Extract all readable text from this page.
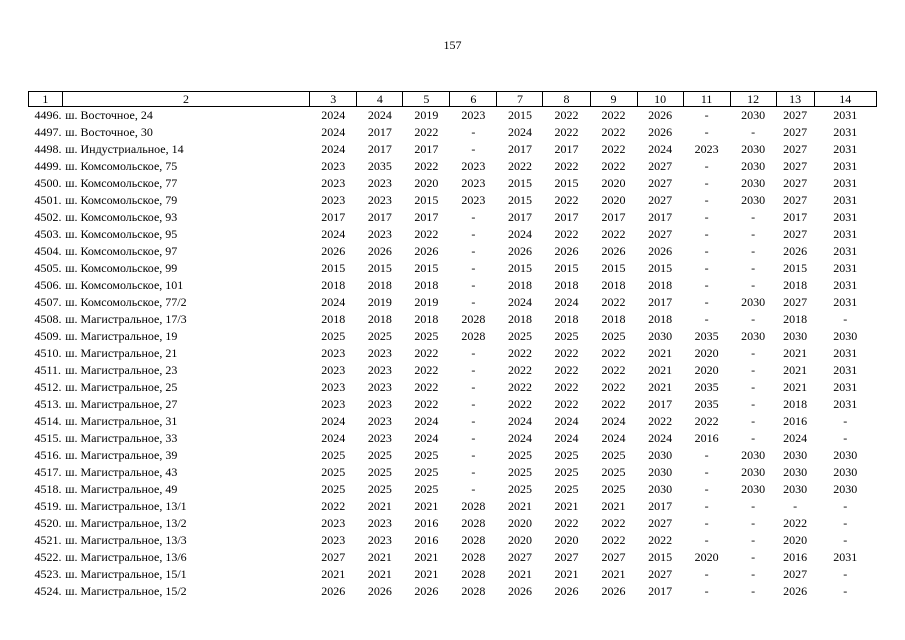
157
1	2	3	4	5	6	7	8	9	10	11	12	13	14
4496.	ш. Восточное, 24	2024	2024	2019	2023	2015	2022	2022	2026	-	2030	2027	2031
4497.	ш. Восточное, 30	2024	2017	2022	-	2024	2022	2022	2026	-	-	2027	2031
4498.	ш. Индустриальное, 14	2024	2017	2017	-	2017	2017	2022	2024	2023	2030	2027	2031
4499.	ш. Комсомольское, 75	2023	2035	2022	2023	2022	2022	2022	2027	-	2030	2027	2031
4500.	ш. Комсомольское, 77	2023	2023	2020	2023	2015	2015	2020	2027	-	2030	2027	2031
4501.	ш. Комсомольское, 79	2023	2023	2015	2023	2015	2022	2020	2027	-	2030	2027	2031
4502.	ш. Комсомольское, 93	2017	2017	2017	-	2017	2017	2017	2017	-	-	2017	2031
4503.	ш. Комсомольское, 95	2024	2023	2022	-	2024	2022	2022	2027	-	-	2027	2031
4504.	ш. Комсомольское, 97	2026	2026	2026	-	2026	2026	2026	2026	-	-	2026	2031
4505.	ш. Комсомольское, 99	2015	2015	2015	-	2015	2015	2015	2015	-	-	2015	2031
4506.	ш. Комсомольское, 101	2018	2018	2018	-	2018	2018	2018	2018	-	-	2018	2031
4507.	ш. Комсомольское, 77/2	2024	2019	2019	-	2024	2024	2022	2017	-	2030	2027	2031
4508.	ш. Магистральное, 17/3	2018	2018	2018	2028	2018	2018	2018	2018	-	-	2018	-
4509.	ш. Магистральное, 19	2025	2025	2025	2028	2025	2025	2025	2030	2035	2030	2030	2030
4510.	ш. Магистральное, 21	2023	2023	2022	-	2022	2022	2022	2021	2020	-	2021	2031
4511.	ш. Магистральное, 23	2023	2023	2022	-	2022	2022	2022	2021	2020	-	2021	2031
4512.	ш. Магистральное, 25	2023	2023	2022	-	2022	2022	2022	2021	2035	-	2021	2031
4513.	ш. Магистральное, 27	2023	2023	2022	-	2022	2022	2022	2017	2035	-	2018	2031
4514.	ш. Магистральное, 31	2024	2023	2024	-	2024	2024	2024	2022	2022	-	2016	-
4515.	ш. Магистральное, 33	2024	2023	2024	-	2024	2024	2024	2024	2016	-	2024	-
4516.	ш. Магистральное, 39	2025	2025	2025	-	2025	2025	2025	2030	-	2030	2030	2030
4517.	ш. Магистральное, 43	2025	2025	2025	-	2025	2025	2025	2030	-	2030	2030	2030
4518.	ш. Магистральное, 49	2025	2025	2025	-	2025	2025	2025	2030	-	2030	2030	2030
4519.	ш. Магистральное, 13/1	2022	2021	2021	2028	2021	2021	2021	2017	-	-	-	-
4520.	ш. Магистральное, 13/2	2023	2023	2016	2028	2020	2022	2022	2027	-	-	2022	-
4521.	ш. Магистральное, 13/3	2023	2023	2016	2028	2020	2020	2022	2022	-	-	2020	-
4522.	ш. Магистральное, 13/6	2027	2021	2021	2028	2027	2027	2027	2015	2020	-	2016	2031
4523.	ш. Магистральное, 15/1	2021	2021	2021	2028	2021	2021	2021	2027	-	-	2027	-
4524.	ш. Магистральное, 15/2	2026	2026	2026	2028	2026	2026	2026	2017	-	-	2026	-
